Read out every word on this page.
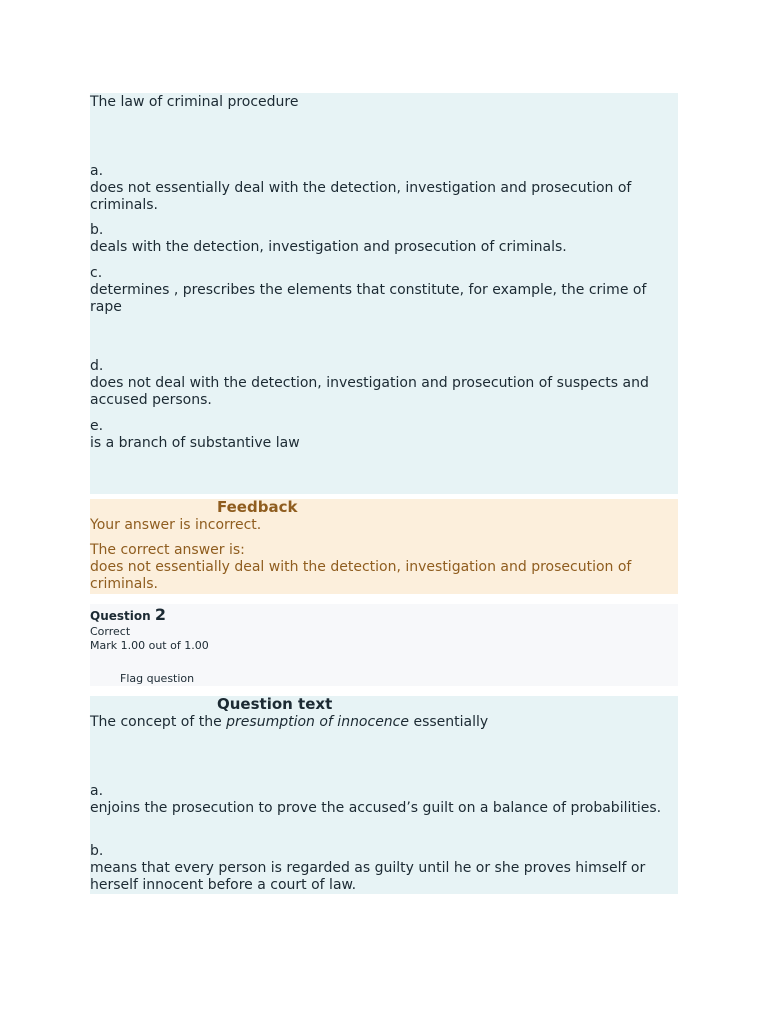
The law of criminal procedure
a.
does not essentially deal with the detection, investigation and prosecution of criminals.
b.
deals with the detection, investigation and prosecution of criminals.
c.
determines , prescribes the elements that constitute, for example, the crime of rape
d.
does not deal with the detection, investigation and prosecution of suspects and accused persons.
e.
is a branch of substantive law
Feedback
Your answer is incorrect.
The correct answer is:
does not essentially deal with the detection, investigation and prosecution of criminals.
Question 2
Correct
Mark 1.00 out of 1.00
Flag question
Question text
The concept of the presumption of innocence essentially
a.
enjoins the prosecution to prove the accused’s guilt on a balance of probabilities.
b.
means that every person is regarded as guilty until he or she proves himself or herself innocent before a court of law.
